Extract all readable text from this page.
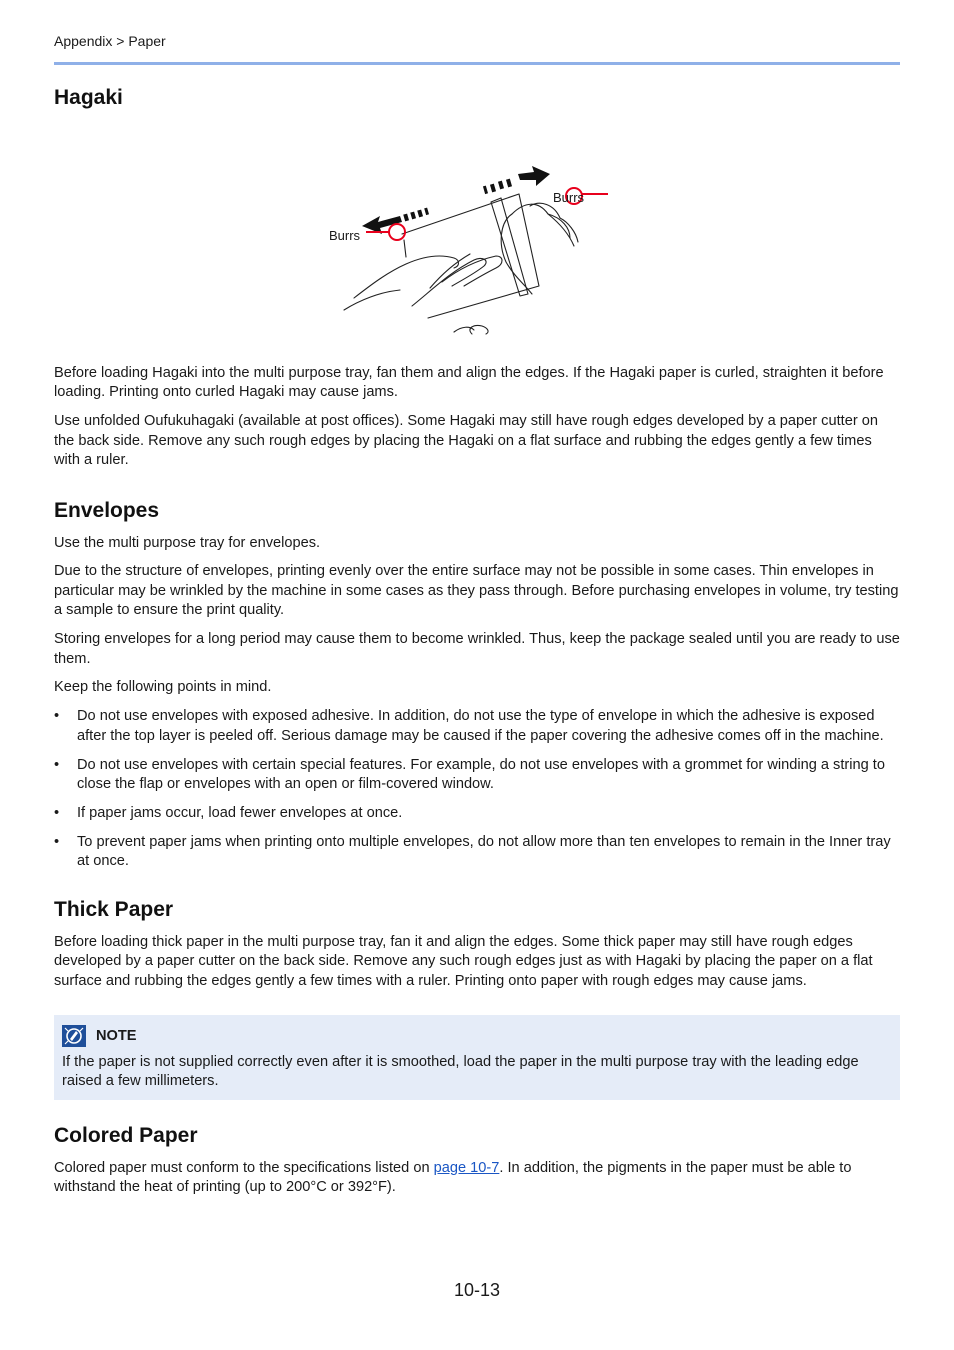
Appendix > Paper
Hagaki
Burrs
Burrs

Before loading Hagaki into the multi purpose tray, fan them and align the edges. If the Hagaki paper is curled, straighten it before loading. Printing onto curled Hagaki may cause jams.

Use unfolded Oufukuhagaki (available at post offices). Some Hagaki may still have rough edges developed by a paper cutter on the back side. Remove any such rough edges by placing the Hagaki on a flat surface and rubbing the edges gently a few times with a ruler.

Envelopes

Use the multi purpose tray for envelopes.

Due to the structure of envelopes, printing evenly over the entire surface may not be possible in some cases. Thin envelopes in particular may be wrinkled by the machine in some cases as they pass through. Before purchasing envelopes in volume, try testing a sample to ensure the print quality.

Storing envelopes for a long period may cause them to become wrinkled. Thus, keep the package sealed until you are ready to use them.

Keep the following points in mind.

• Do not use envelopes with exposed adhesive. In addition, do not use the type of envelope in which the adhesive is exposed after the top layer is peeled off. Serious damage may be caused if the paper covering the adhesive comes off in the machine.
• Do not use envelopes with certain special features. For example, do not use envelopes with a grommet for winding a string to close the flap or envelopes with an open or film-covered window.
• If paper jams occur, load fewer envelopes at once.
• To prevent paper jams when printing onto multiple envelopes, do not allow more than ten envelopes to remain in the Inner tray at once.
Thick Paper

Before loading thick paper in the multi purpose tray, fan it and align the edges. Some thick paper may still have rough edges developed by a paper cutter on the back side. Remove any such rough edges just as with Hagaki by placing the paper on a flat surface and rubbing the edges gently a few times with a ruler. Printing onto paper with rough edges may cause jams.

NOTE

If the paper is not supplied correctly even after it is smoothed, load the paper in the multi purpose tray with the leading edge raised a few millimeters.

Colored Paper

Colored paper must conform to the specifications listed on page 10-7. In addition, the pigments in the paper must be able to withstand the heat of printing (up to 200°C or 392°F).

10-13
